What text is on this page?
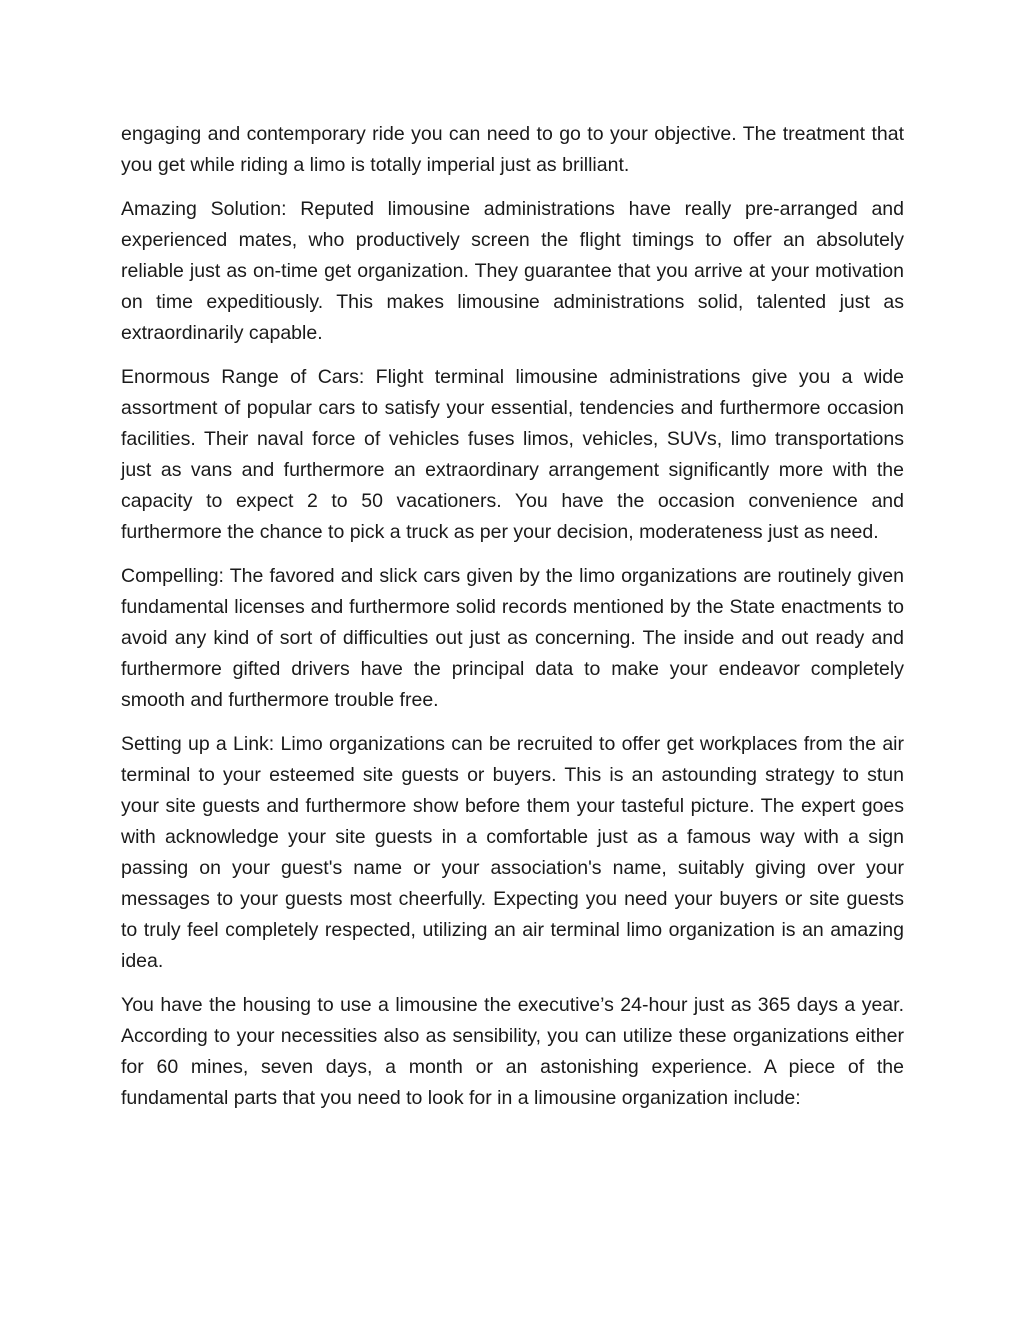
engaging and contemporary ride you can need to go to your objective. The treatment that you get while riding a limo is totally imperial just as brilliant.

Amazing Solution: Reputed limousine administrations have really pre-arranged and experienced mates, who productively screen the flight timings to offer an absolutely reliable just as on-time get organization. They guarantee that you arrive at your motivation on time expeditiously. This makes limousine administrations solid, talented just as extraordinarily capable.

Enormous Range of Cars: Flight terminal limousine administrations give you a wide assortment of popular cars to satisfy your essential, tendencies and furthermore occasion facilities. Their naval force of vehicles fuses limos, vehicles, SUVs, limo transportations just as vans and furthermore an extraordinary arrangement significantly more with the capacity to expect 2 to 50 vacationers. You have the occasion convenience and furthermore the chance to pick a truck as per your decision, moderateness just as need.

Compelling: The favored and slick cars given by the limo organizations are routinely given fundamental licenses and furthermore solid records mentioned by the State enactments to avoid any kind of sort of difficulties out just as concerning. The inside and out ready and furthermore gifted drivers have the principal data to make your endeavor completely smooth and furthermore trouble free.

Setting up a Link: Limo organizations can be recruited to offer get workplaces from the air terminal to your esteemed site guests or buyers. This is an astounding strategy to stun your site guests and furthermore show before them your tasteful picture. The expert goes with acknowledge your site guests in a comfortable just as a famous way with a sign passing on your guest's name or your association's name, suitably giving over your messages to your guests most cheerfully. Expecting you need your buyers or site guests to truly feel completely respected, utilizing an air terminal limo organization is an amazing idea.

You have the housing to use a limousine the executive’s 24-hour just as 365 days a year. According to your necessities also as sensibility, you can utilize these organizations either for 60 mines, seven days, a month or an astonishing experience. A piece of the fundamental parts that you need to look for in a limousine organization include:
